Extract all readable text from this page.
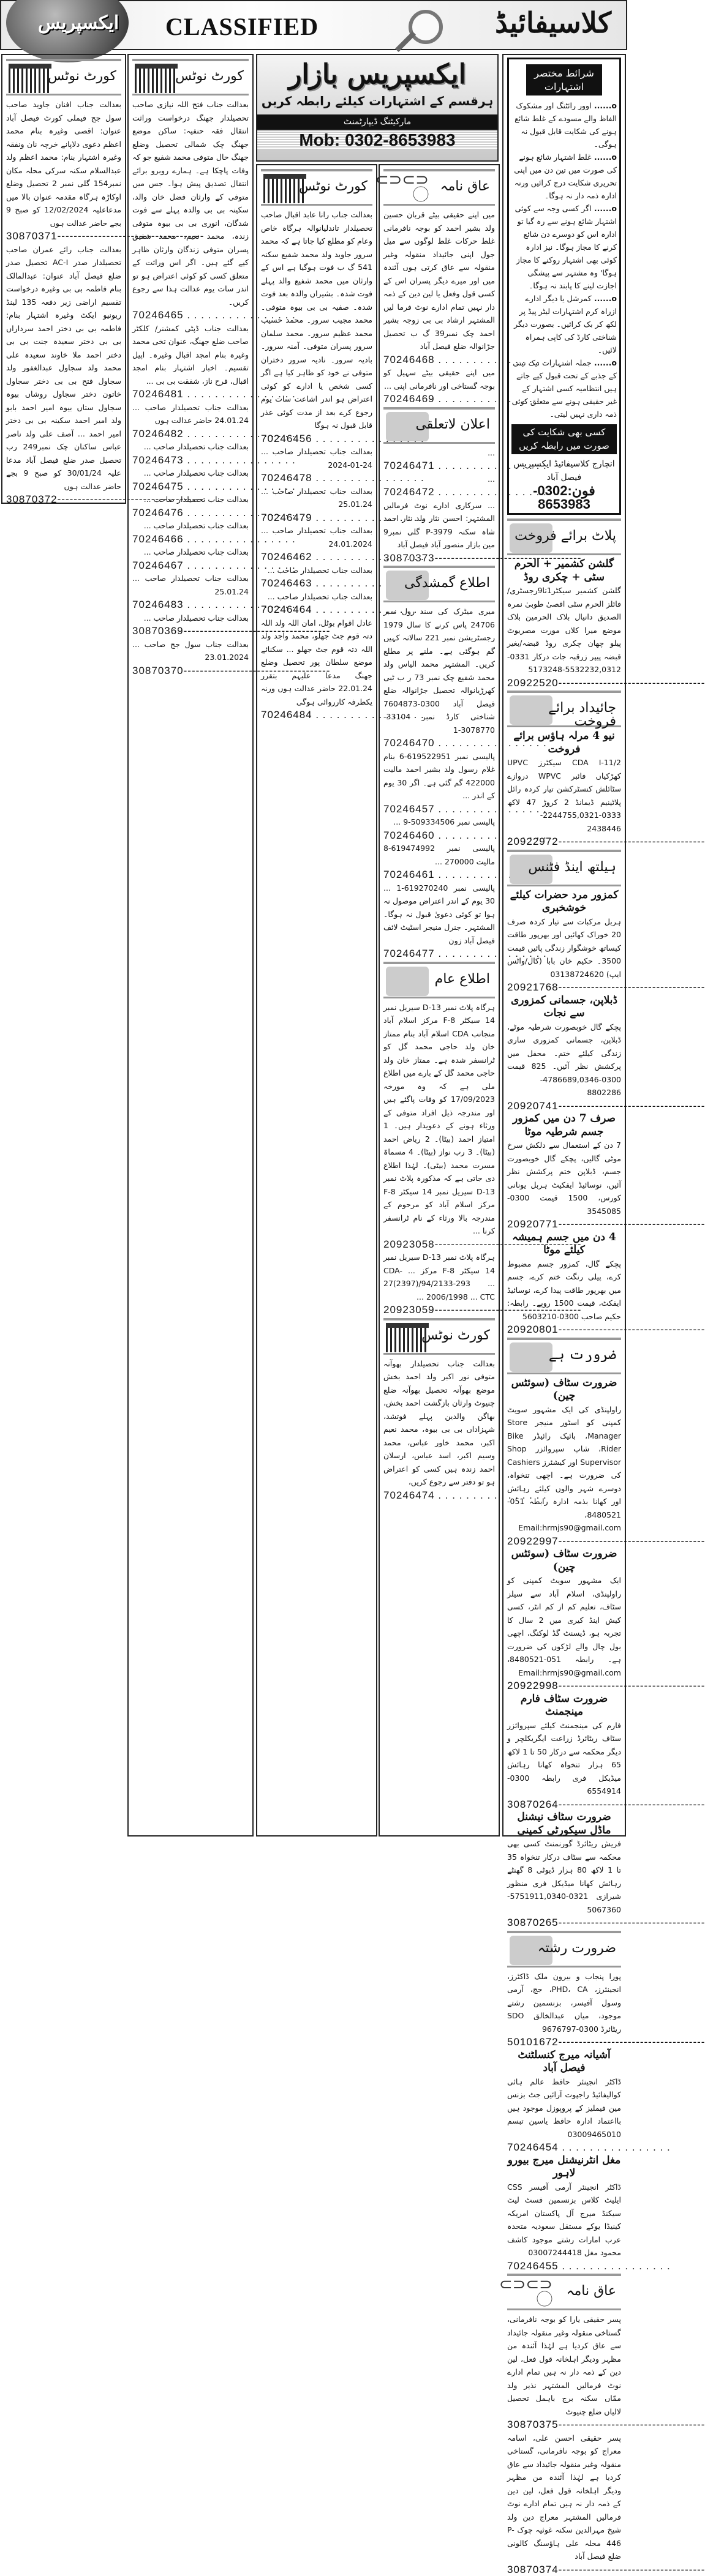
ایکسپریس CLASSIFIED	کلاسیفائیڈ
کورٹ نوٹس

بعدالت جناب افنان جاوید صاحب سول جج فیملی کورٹ فیصل آباد عنوان: اقصی وغیرہ بنام محمد اعظم دعوی دلاپانے خرچہ نان ونفقہ وغیرہ اشتہار بنام: محمد اعظم ولد عبدالسلام سکنہ سرکی محلہ مکان نمبر154 گلی نمبر 2 تحصیل وضلع اوکاڑہ ہرگاہ مقدمہ عنوان بالا میں مدعاعلیہ 12/02/2024 کو صبح 9 بجے حاضر عدالت ہوں

30870371 -----

بعدالت جناب رائے عمران صاحب تحصیلدار صدر AC-I تحصیل صدر ضلع فیصل آباد عنوان: عبدالمالک بنام فاطمہ بی بی وغیرہ درخواست تقسیم اراضی زیر دفعہ 135 لینڈ ریونیو ایکٹ وغیرہ اشتہار بنام: فاطمہ بی بی دختر احمد سرداراں بی بی دختر سعیدہ جنت بی بی دختر احمد ملا خاوند سعیدہ علی محمد ولد سجاول عبدالغفور ولد سجاول فتح بی بی دختر سجاول خاتون دختر سجاول روشاں بیوہ سجاول ستاں بیوہ امیر احمد بابو ولد امیر احمد سکینہ بی بی دختر امیر احمد ... آصف علی ولد ناصر عباس ساکنان چک نمبر249 رب تحصیل صدر ضلع فیصل آباد مدعا علیہ 30/01/24 کو صبح 9 بجے حاضر عدالت ہوں

30870372 -----
کورٹ نوٹس

بعدالت جناب فتح اللہ نیازی صاحب تحصیلدار جھنگ درخواست وراثت انتقال فقہ حنفیہ: ساکن موضع جھنگ چک شمالی تحصیل وضلع جھنگ حال متوفی محمد شفیع جو کہ وفات پاچکا ہے۔ ہمارے روبرو برائے انتقال تصدیق پیش ہوا۔ جس میں متوفی کے وارثان فضل خان والد، سکینہ بی بی والدہ پہلے سے فوت شدگان، انوری بی بی بیوہ متوفی زندہ، محمد نعیم، محمد شفیق پسران متوفی زندگان وارثان ظاہر کیے گئے ہیں۔ اگر اس وراثت کے متعلق کسی کو کوئی اعتراض ہو تو اندر سات یوم عدالت ہذا سے رجوع کریں۔

70246465 . . .

بعدالت جناب ڈپٹی کمشنر/ کلکٹر صاحب ضلع جھنگ، عنوان تخی محمد وغیرہ بنام امجد اقبال وغیرہ۔ اپیل تقسیم۔ اخبار اشتہار بنام امجد اقبال، فرح ناز، شفقت بی بی ...

70246481 . . .

بعدالت جناب تحصیلدار صاحب ... 24.01.24 حاضر عدالت ہوں

70246482 . . .

بعدالت جناب تحصیلدار صاحب ...

70246473 . . .

بعدالت جناب تحصیلدار صاحب ...

70246475 . . .

بعدالت جناب تحصیلدار صاحب ...

70246476 . . .

بعدالت جناب تحصیلدار صاحب ...

70246466 . . .

بعدالت جناب تحصیلدار صاحب ...

70246467 . . .

بعدالت جناب تحصیلدار صاحب ... 25.01.24

70246483 . . .

بعدالت جناب تحصیلدار صاحب ...

30870369 -----

بعدالت جناب سول جج صاحب ... 23.01.2024

30870370 -----
ایکسپریس بازار
ہرقسم کے اشتہارات کیلئے رابطہ کریں
مارکیٹنگ ڈیپارٹمنٹ
Mob: 0302-8653983
کورٹ نوٹس

بعدالت جناب رانا عابد اقبال صاحب تحصیلدار تاندلیانوالہ ہرگاہ خاص وعام کو مطلع کیا جاتا ہے کہ محمد سرور جاوید ولد محمد شفیع سکنہ 541 گ ب فوت ہوگیا ہے اس کے وارثان میں محمد شفیع والد پہلے فوت شدہ۔ بشیراں والدہ بعد فوت شدہ۔ صفیہ بی بی بیوہ متوفی۔ محمد مجیب سرور۔ محمد حسیب محمد عظیم سرور۔ محمد سلمان سرور پسران متوفی۔ آمنہ سرور۔ بادیہ سرور۔ نادیہ سرور دختران متوفی نے خود کو ظاہر کیا ہے اگر کسی شخص یا ادارے کو کوئی اعتراض ہو اندر اشاعت سات یوم رجوع کرے بعد از مدت کوئی عذر قابل قبول نہ ہوگا

70246456 . . .

بعدالت جناب تحصیلدار صاحب ... 24-01-2024

70246478 . . .

بعدالت جناب تحصیلدار صاحب ... 25.01.24

70246479 . . .

بعدالت جناب تحصیلدار صاحب ... 24.01.2024

70246462 . . .

بعدالت جناب تحصیلدار صاحب ...

70246463 . . .

بعدالت جناب تحصیلدار صاحب ...

70246464 . . .

عادل اقوام بوٹل، امان اللہ ولد اللہ دتہ قوم جٹ جھلو، محمد واجد ولد اللہ دتہ قوم جٹ جھلو ... سکنائے موضع سلطان پور تحصیل وضلع جھنگ مدعا علیہم بتقرر 22.01.24 حاضر عدالت ہوں ورنہ یکطرفہ کارروائی ہوگی

70246484 . . .
⊂⊃⊂⊃ ⃝
عاق نامہ

میں اپنے حقیقی بیٹے قربان حسین ولد بشیر احمد کو بوجہ نافرمانی غلط حرکات غلط لوگوں سے میل جول اپنی جائیداد منقولہ وغیر منقولہ سے عاق کرتی ہوں آئندہ میں اور میرے دیگر پسران اس کے کسی قول وفعل یا لین دین کے ذمہ دار نہیں تمام ادارے نوٹ فرما لیں المشتہر ارشاد بی بی زوجہ بشیر احمد چک نمبر39 گ ب تحصیل جڑانوالہ ضلع فیصل آباد

70246468 . . .

میں اپنے حقیقی بیٹے سہیل کو بوجہ گستاخی اور نافرمانی اپنی ...

70246469 . . .
اعلان لاتعلقی

...

70246471 . . .

...

70246472 . . .

... سرکاری ادارے نوٹ فرمالیں المشتہر: احسن نثار ولد نثار احمد شاہ سکنہ P-3979 گلی نمبر9 مین بازار منصور آباد فیصل آباد

30870373 -----
اطلاع گمشدگی

میری میٹرک کی سند رول نمبر 24706 پاس کرنے کا سال 1979 رجسٹریشن نمبر 221 سالانہ کہیں گم ہوگئی ہے۔ ملنے پر مطلع کریں۔ المشتہر محمد الیاس ولد محمد شفیع چک نمبر 73 ر ب ٹبی کھرڑیانوالہ تحصیل جڑانوالہ ضلع فیصل آباد 0300-7604873 شناختی کارڈ نمبر 33104-3078770-1

70246470 . . .

پالیسی نمبر 619522951-6 بنام غلام رسول ولد بشیر احمد مالیت 422000 گم گئی ہے۔ اگر 30 یوم کے اندر ...

70246457 . . .

پالیسی نمبر 509334506-9 ...

70246460 . . .

پالیسی نمبر 619474992-8 مالیت 270000 ...

70246461 . . .

پالیسی نمبر 619270240-1 ... 30 یوم کے اندر اعتراض موصول نہ ہوا تو کوئی دعویٰ قبول نہ ہوگا۔ المشتہر۔ جنرل منیجر اسٹیٹ لائف فیصل آباد زون

70246477 . . .
اطلاع عام

ہرگاہ پلاٹ نمبر D-13 سیریل نمبر 14 سیکٹر F-8 مرکز اسلام آباد منجانب CDA اسلام آباد بنام ممتاز خان ولد حاجی محمد گل کو ٹرانسفر شدہ ہے۔ ممتاز خان ولد حاجی محمد گل کے بارے میں اطلاع ملی ہے کہ وہ مورخہ 17/09/2023 کو وفات پاگئے ہیں اور مندرجہ ذیل افراد متوفی کے ورثاء ہونے کے دعویدار ہیں۔ 1 امتیاز احمد (بیٹا)۔ 2 ریاض احمد (بیٹا)۔ 3 رب نواز (بیٹا)۔ 4 مسماۃ مسرت محمد (بیٹی)۔ لہٰذا اطلاع دی جاتی ہے کہ مذکورہ پلاٹ نمبر D-13 سیریل نمبر 14 سیکٹر F-8 مرکز اسلام آباد کو مرحوم کے مندرجہ بالا ورثاء کے نام ٹرانسفر کرنا ...

20923058 -----

ہرگاہ پلاٹ نمبر D-13 سیریل نمبر 14 سیکٹر F-8 مرکز ... CDA-27(2397)/94/2133-293 ... 2006/1998 ... CTC ...

20923059 -----
کورٹ نوٹس

بعدالت جناب تحصیلدار بھوآنہ متوفی نور اکبر ولد احمد بخش موضع بھوآنہ تحصیل بھوآنہ ضلع چنیوٹ وارثان بازگشت احمد بخش، بھاگن والدین پہلے فوتشد، شہزاداں بی بی بیوہ، محمد نعیم اکبر، محمد خاور عباس، محمد وسیم اکبر، اسد عباس، ارسلان احمد زندہ ہیں کسی کو اعتراض ہو تو دفتر سے رجوع کریں،

70246474 . . .
شرائط مختصر اشتہارات

o...... اوور رائٹنگ اور مشکوک الفاظ والے مسودے کے غلط شائع ہونے کی شکایت قابل قبول نہ ہوگی۔

o...... غلط اشتہار شائع ہونے کی صورت میں تین دن میں اپنی تحریری شکایت درج کرائیں ورنہ ادارہ ذمہ دار نہ ہوگا۔

o...... اگر کسی وجہ سے کوئی اشتہار شائع ہونے سے رہ گیا تو ادارہ اس کو دوسرے دن شائع کرنے کا مجاز ہوگا۔ نیز ادارہ کوئی بھی اشتہار روکنے کا مجاز ہوگا' وہ مشتہر سے پیشگی اجازت لینے کا پابند نہ ہوگا۔

o...... کمرشل یا دیگر ادارے ازراہ کرم اشتہارات لیٹر پیڈ پر لکھ کر بک کرائیں۔ بصورت دیگر شناختی کارڈ کی کاپی ہمراہ لائیں۔

o...... جملہ اشتہارات نیک نیتی کے جذبے کے تحت قبول کیے جاتے ہیں انتظامیہ کسی اشتہار کے غیر حقیقی ہونے سے متعلق کوئی ذمہ داری نہیں لیتی۔

کسی بھی شکایت کی صورت میں رابطہ کریں
انچارج کلاسیفائیڈ ایکسپریس فیصل آباد
فون:0302-8653983
پلاٹ برائے فروخت
گلشن کشمیر + الحرم سٹی + چکری روڈ

گلشن کشمیر سیکٹر1تا9رجسٹری/فائلز الحرم سٹی اقصیٰ طوبیٰ نمرہ الصدیق دانیال بلاک الحرمین بلاک موضع میرا کلاں مورت مصریوٹ پیلو چھان چکری روڈ قبضہ/بغیر قبضہ پیپر زرقبہ جات درکار 0331-5532232,0312-5173248

20922520 -----
جائیداد برائے فروخت
نیو 4 مرلہ ہاؤس برائے فروخت

CDA I-11/2 سیکٹرز UPVC کھڑکیاں فائبر WPVC دروازے سٹائلش کنسٹرکشن تیار کردہ رائل پلاٹینیم ڈیمانڈ 2 کروڑ 47 لاکھ 0333-2244755,0321-2438446

20922972 -----
ہیلتھ اینڈ فٹنس
کمزور مرد حضرات کیلئے خوشخبری

ہربل مرکبات سے تیار کردہ صرف 20 خوراک کھائیں اور بھرپور طاقت کیساتھ خوشگوار زندگی پائیں قیمت 3500۔ حکیم خان بابا (کال/واٹس ایپ) 03138724620

20921768 -----
ڈبلاپن، جسمانی کمزوری سے نجات

پچکے گال خوبصورت شرطیہ موٹے، ڈبلاپن، جسمانی کمزوری ساری زندگی کیلئے ختم۔ محفل میں پرکشش نظر آئیں۔ 825 قیمت 0300-4786689,0346-8802286

20920741 -----
صرف 7 دن میں کمزور جسم شرطیہ موٹا

7 دن کے استعمال سے دلکش سرخ موٹی گالیں، پچکے گال خوبصورت جسم، ڈبلاپن ختم پرکشش نظر آئیں، نوسائیڈ ایفکیٹ ہربل یونانی کورس، 1500 قیمت 0300-3545085

20920771 -----
4 دن میں جسم ہمیشہ کیلئے موٹا

پچکے گال، کمزور جسم مضبوط کرے، پیلی رنگت ختم کرے، جسم میں بھرپور طاقت پیدا کرے، نوسائیڈ ایفکٹ، قیمت 1500 روپے۔ رابطہ: حکیم صاحب 0300-5603210

20920801 -----
ضرورت ہے
ضرورت سٹاف (سوئٹس چین)

راولپنڈی کی ایک مشہور سویٹ کمپنی کو اسٹور منیجر Store Manager، بائیک رائیڈر Bike Rider، شاپ سپروائزر Shop Supervisor اور کیشئرز Cashiers کی ضرورت ہے۔ اچھی تنخواہ، دوسرے شہر والوں کیلئے رہائش اور کھانا بذمہ ادارہ رابطہ 051-8480521، Email:hrmjs90@gmail.com

20922997 -----
ضرورت سٹاف (سوئٹس چین)

ایک مشہور سویٹ کمپنی کو راولپنڈی، اسلام آباد سے سیلز سٹاف، تعلیم کم از کم انٹر، کسی کیش اینڈ کیری میں 2 سال کا تجربہ ہو، ڈیسنٹ گڈ لوکنگ، اچھی بول چال والے لڑکوں کی ضرورت ہے۔ رابطہ 051-8480521، Email:hrmjs90@gmail.com

20922998 -----
ضرورت سٹاف فارم مینجمنٹ

فارم کی مینجمنٹ کیلئے سپروائزر سٹاف ریٹائرڈ زراعت ایگریکلچر و دیگر محکمہ سے درکار 50 تا 1 لاکھ 65 ہزار تنخواہ کھانا رہائش میڈیکل فری رابطہ 0300-6554914

30870264 -----
ضرورت سٹاف نیشنل ماڈل سیکورٹی کمپنی

فریش ریٹائرڈ گورنمنٹ کسی بھی محکمہ سے سٹاف درکار تنخواہ 35 تا 1 لاکھ 80 ہزار ڈیوٹی 8 گھنٹے رہائش کھانا میڈیکل فری منظور شیرازی 0321-5751911,0340-5067360

30870265 -----
ضرورت رشتہ

پورا پنجاب و بیرون ملک ڈاکٹرز، انجینئرز، PHD، CA، جج، آرمی وسول آفیسر، بزنسمین رشتے موجود، میاں عبدالخالق SDO ریٹائرڈ 0300-9676797

50101672 -----
آشیانہ میرج کنسلٹنٹ فیصل آباد

ڈاکٹر انجینئر حافظ عالم ہائی کوالیفائیڈ راجپوت آرائیں جٹ بزنس مین فیملیز کے پروپوزل موجود ہیں بااعتماد ادارہ حافظ یاسین تبسم 03009465010

70246454 . . .
مغل انٹرنیشنل میرج بیورو لاہور

ڈاکٹر انجینئر آرمی آفیسر CSS ایلیٹ کلاس بزنسمین فسٹ لیٹ سیکنڈ میرج آل پاکستان امریکہ کینیڈا یوکے مستقل سعودیہ متحدہ عرب امارات رشتے موجود کاشف محمود مغل 03007244418

70246455 . . .
⊂⊃⊂⊃ ⃝
عاق نامہ

پسر حقیقی یارا کو بوجہ نافرمانی، گستاخی منقولہ وغیر منقولہ جائیداد سے عاق کردیا ہے لہٰذا آئندہ من مظہر ودیگر اہلخانہ قول فعل، لین دین کے ذمہ دار نہ ہیں تمام ادارے نوٹ فرمالیں المشتہر نذیر ولد ممّاں سکنہ برج باہمل تحصیل لالیاں ضلع چنیوٹ

30870375 -----

پسر حقیقی احسن علی، اسامہ معراج کو بوجہ نافرمانی، گستاخی منقولہ وغیر منقولہ جائیداد سے عاق کردیا ہے لہٰذا آئندہ من مظہر ودیگر اہلخانہ قول فعل، لین دین کے ذمہ دار نہ ہیں تمام ادارے نوٹ فرمالیں المشتہر معراج دین ولد شیخ مہرالدین سکنہ غوثیہ چوک P-446 محلہ علی ہاؤسنگ کالونی ضلع فیصل آباد

30870374 -----
